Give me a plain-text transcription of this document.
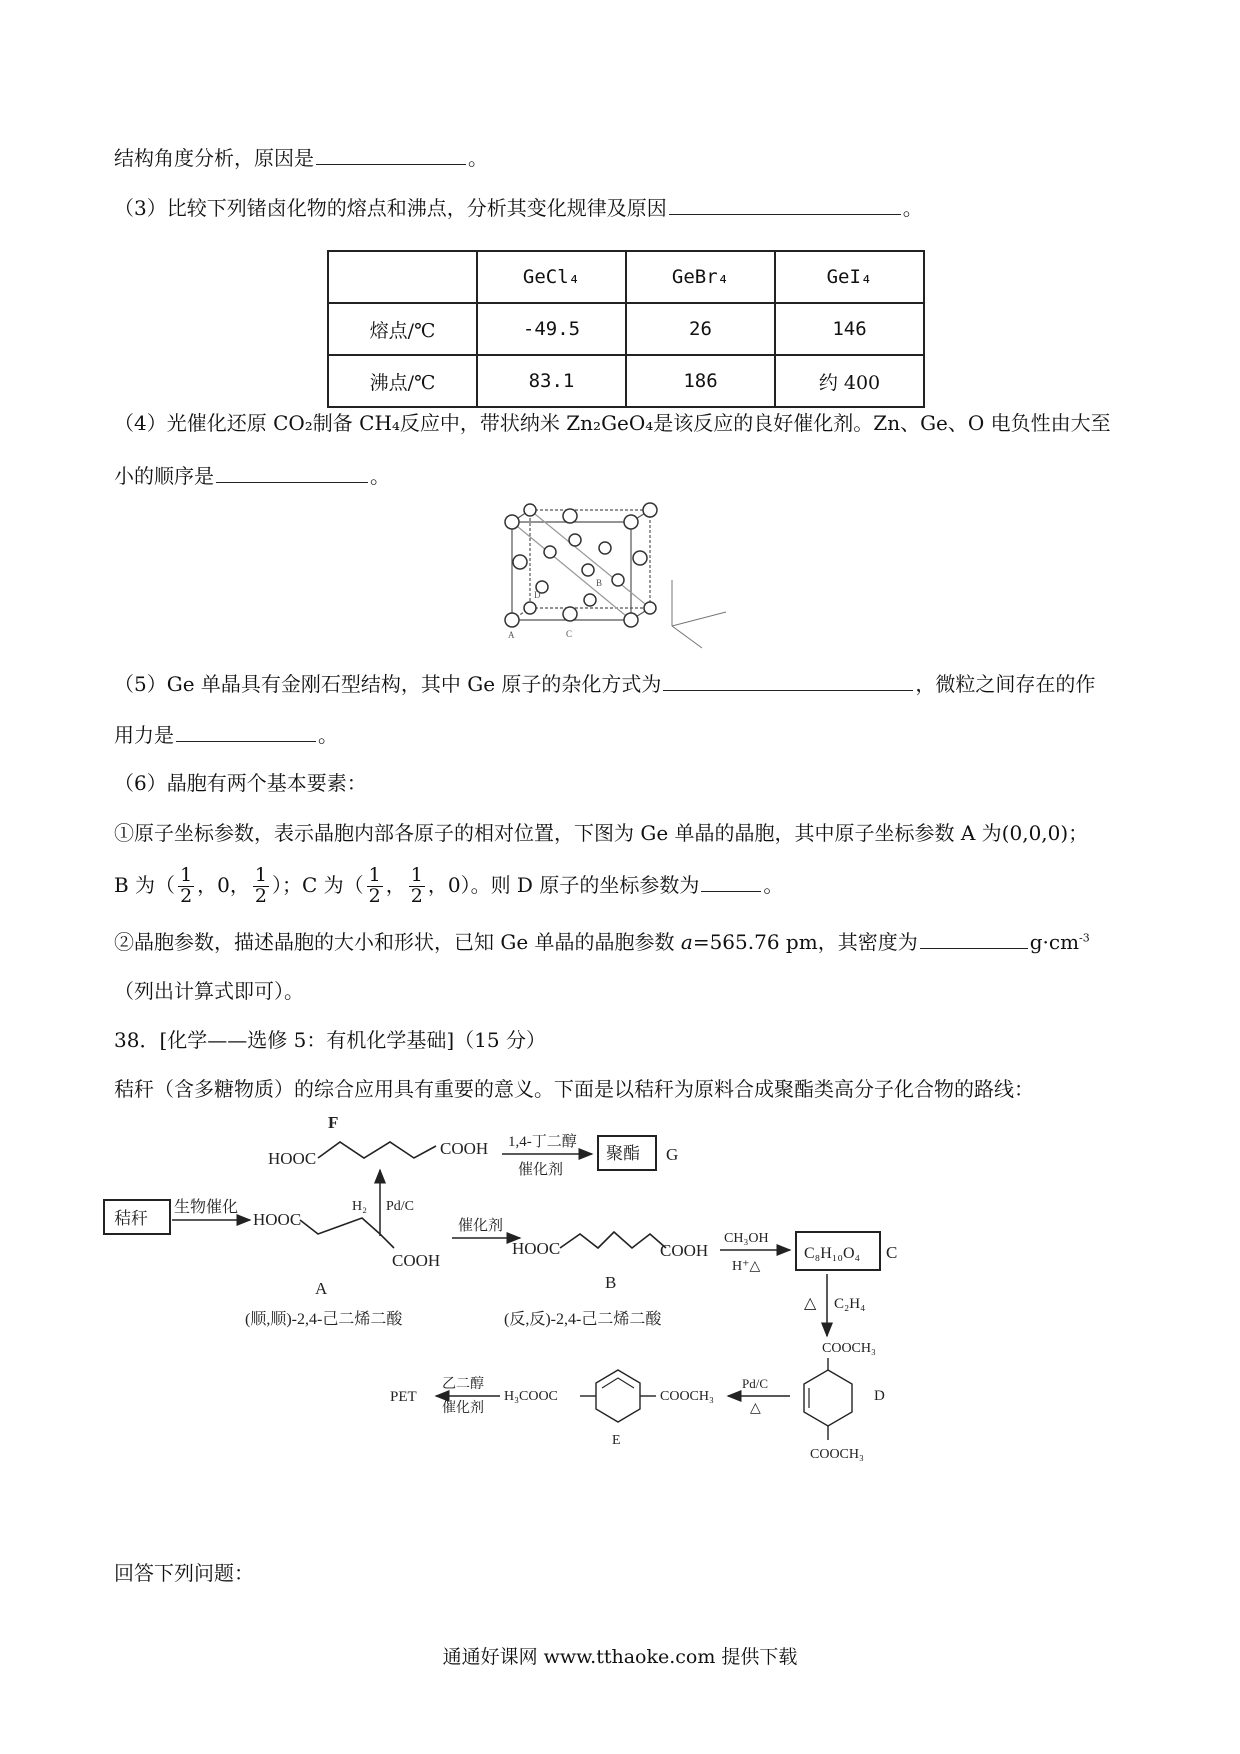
结构角度分析，原因是	。
（3）比较下列锗卤化物的熔点和沸点，分析其变化规律及原因	。
	GeCl₄	GeBr₄	GeI₄
熔点/℃	-49.5	26	146
沸点/℃	83.1	186	约 400
（4）光催化还原 CO₂制备 CH₄反应中，带状纳米 Zn₂GeO₄是该反应的良好催化剂。Zn、Ge、O 电负性由大至
小的顺序是	。
B
D
A	C
（5）Ge 单晶具有金刚石型结构，其中 Ge 原子的杂化方式为	，微粒之间存在的作
用力是	。
（6）晶胞有两个基本要素：
①原子坐标参数，表示晶胞内部各原子的相对位置，下图为 Ge 单晶的晶胞，其中原子坐标参数 A 为(0,0,0)；
B 为（ $\frac{1}{2}$ ，0， $\frac{1}{2}$ ）；C 为（ $\frac{1}{2}$ ， $\frac{1}{2}$ ，0）。则 D 原子的坐标参数为	。
②晶胞参数，描述晶胞的大小和形状，已知 Ge 单晶的晶胞参数 a=565.76 pm，其密度为	$g\cdot cm^{-3}$
（列出计算式即可）。
38．[化学——选修 5：有机化学基础]（15 分）
秸秆（含多糖物质）的综合应用具有重要的意义。下面是以秸秆为原料合成聚酯类高分子化合物的路线：
F
HOOC
COOH 1,4-丁二醇
催化剂
聚酯 G
H₂ Pd/C
秸秆
生物催化
HOOC
COOH
A
(顺,顺)-2,4-己二烯二酸
催化剂
HOOC	COOH
B
(反,反)-2,4-己二烯二酸
CH₃OH
H⁺△
C₈H₁₀O₄ C
△ C₂H₄
COOCH₃
COOCH₃
D
Pd/C
△
COOCH₃
H₃COOC
E
乙二醇
催化剂
PET
回答下列问题：
通通好课网 www.tthaoke.com 提供下载
